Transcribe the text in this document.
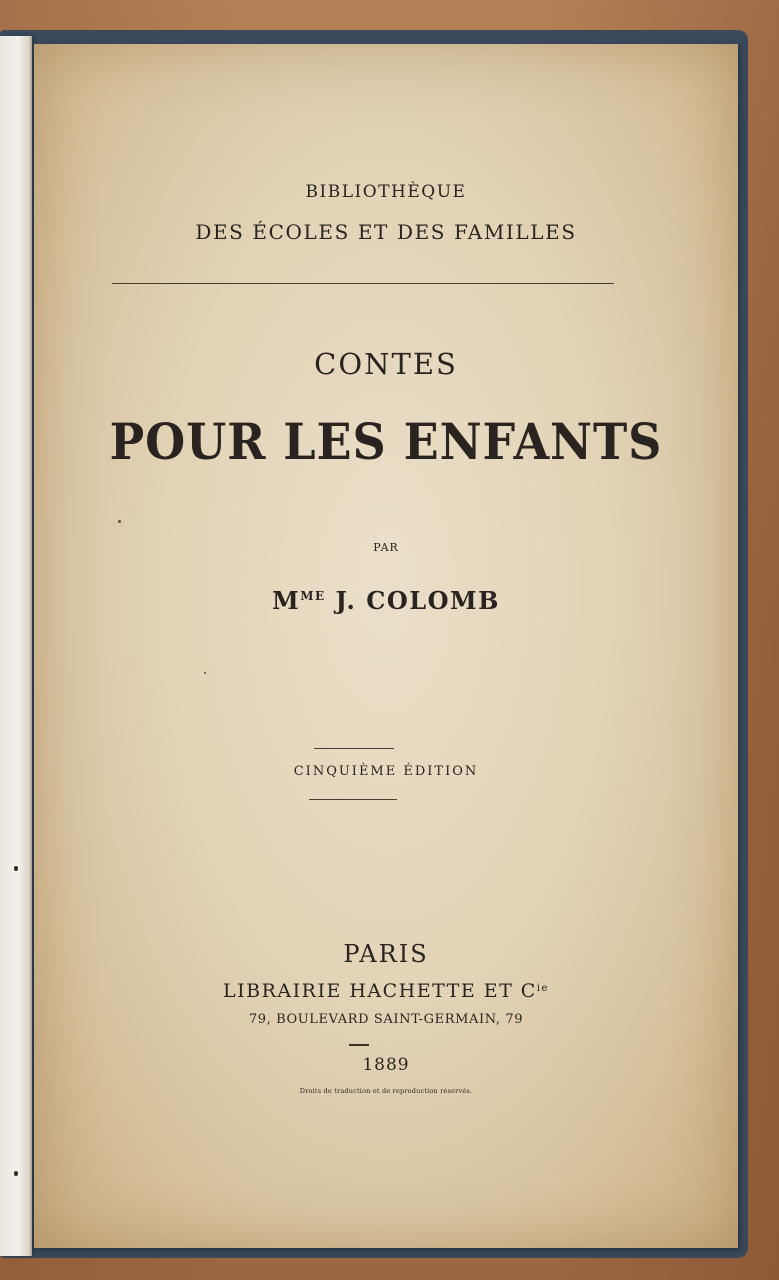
BIBLIOTHÈQUE
DES ÉCOLES ET DES FAMILLES
CONTES
POUR LES ENFANTS
PAR
$M^{ME}$ J. COLOMB
CINQUIÈME ÉDITION
PARIS
LIBRAIRIE HACHETTE ET $C^{ie}$
79, BOULEVARD SAINT-GERMAIN, 79
1889
Droits de traduction et de reproduction réservés.
